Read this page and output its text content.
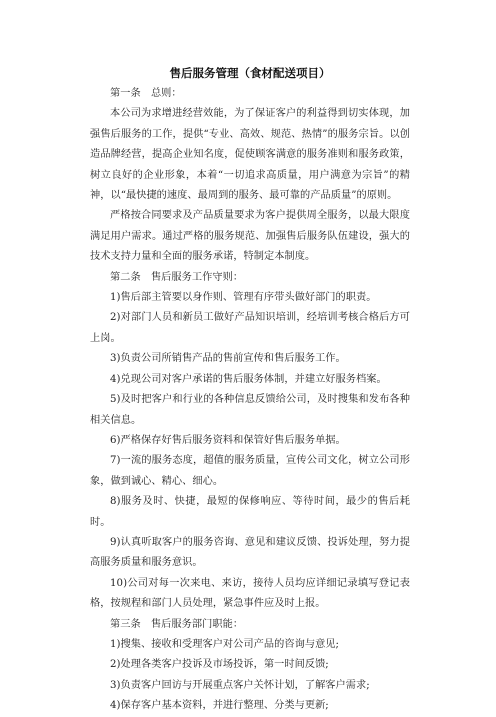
售后服务管理（食材配送项目）

第一条　总则：

本公司为求增进经营效能，为了保证客户的利益得到切实体现，加强售后服务的工作，提供“专业、高效、规范、热情”的服务宗旨。以创造品牌经营，提高企业知名度，促使顾客满意的服务准则和服务政策，树立良好的企业形象，本着“一切追求高质量，用户满意为宗旨”的精神，以“最快捷的速度、最周到的服务、最可靠的产品质量”的原则。

严格按合同要求及产品质量要求为客户提供周全服务，以最大限度满足用户需求。通过严格的服务规范、加强售后服务队伍建设，强大的技术支持力量和全面的服务承诺，特制定本制度。

第二条　售后服务工作守则：

1)售后部主管要以身作则、管理有序带头做好部门的职责。

2)对部门人员和新员工做好产品知识培训，经培训考核合格后方可上岗。

3)负责公司所销售产品的售前宣传和售后服务工作。

4)兑现公司对客户承诺的售后服务体制，并建立好服务档案。

5)及时把客户和行业的各种信息反馈给公司，及时搜集和发布各种相关信息。

6)严格保存好售后服务资料和保管好售后服务单据。

7)一流的服务态度，超值的服务质量，宣传公司文化，树立公司形象，做到诚心、精心、细心。

8)服务及时、快捷，最短的保修响应、等待时间，最少的售后耗时。

9)认真听取客户的服务咨询、意见和建议反馈、投诉处理，努力提高服务质量和服务意识。

10)公司对每一次来电、来访，接待人员均应详细记录填写登记表格，按规程和部门人员处理，紧急事件应及时上报。

第三条　售后服务部门职能：

1)搜集、接收和受理客户对公司产品的咨询与意见;

2)处理各类客户投诉及市场投诉，第一时间反馈;

3)负责客户回访与开展重点客户关怀计划，了解客户需求;

4)保存客户基本资料，并进行整理、分类与更新;
